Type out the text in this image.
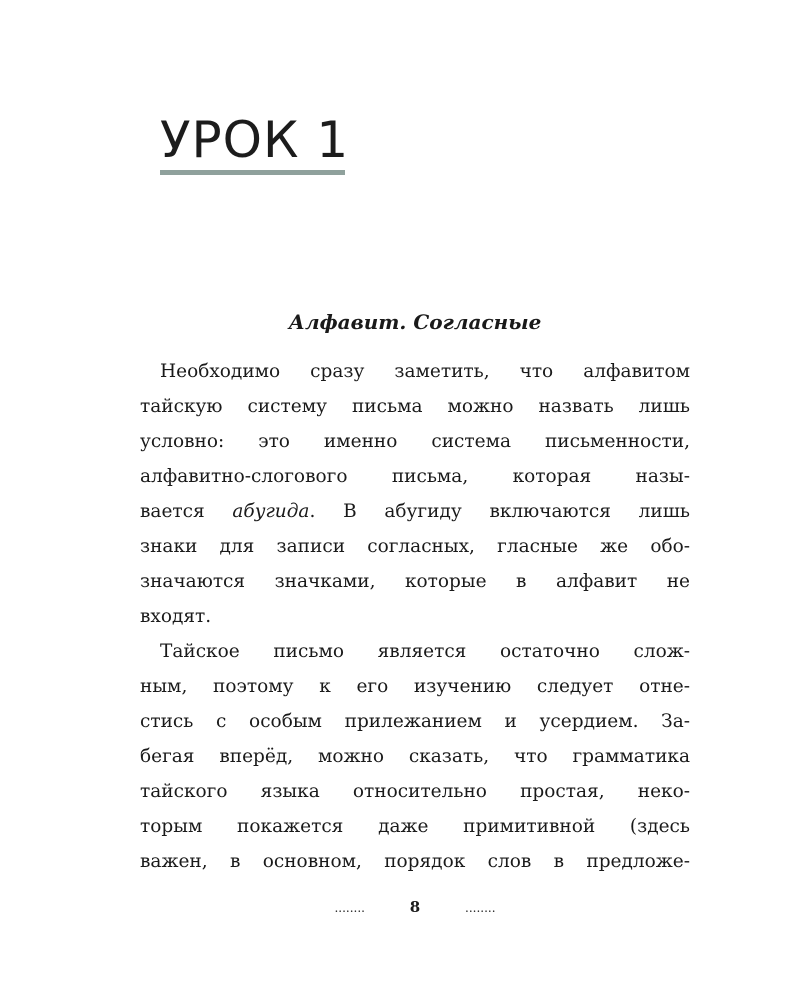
УРОК 1
Алфавит. Согласные
Необходимо сразу заметить, что алфавитом
тайскую систему письма можно назвать лишь
условно: это именно система письменности,
алфавитно-слогового письма, которая назы-
вается абугида. В абугиду включаются лишь
знаки для записи согласных, гласные же обо-
значаются значками, которые в алфавит не
входят.
Тайское письмо является остаточно слож-
ным, поэтому к его изучению следует отне-
стись с особым прилежанием и усердием. За-
бегая вперёд, можно сказать, что грамматика
тайского языка относительно простая, неко-
торым покажется даже примитивной (здесь
важен, в основном, порядок слов в предложе-
........	8	........
